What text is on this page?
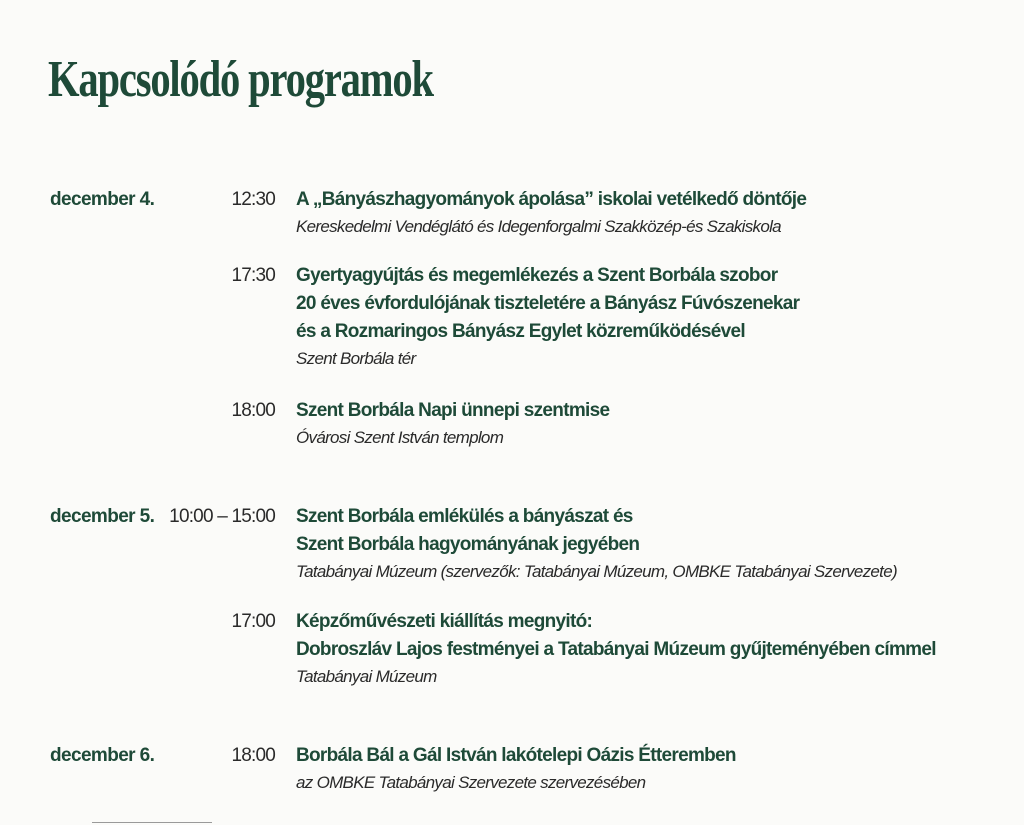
Kapcsolódó programok
december 4.	12:30 A „Bányászhagyományok ápolása” iskolai vetélkedő döntője
Kereskedelmi Vendéglátó és Idegenforgalmi Szakközép-és Szakiskola
17:30 Gyertyagyújtás és megemlékezés a Szent Borbála szobor
20 éves évfordulójának tiszteletére a Bányász Fúvószenekar
és a Rozmaringos Bányász Egylet közreműködésével
Szent Borbála tér
18:00 Szent Borbála Napi ünnepi szentmise
Óvárosi Szent István templom
december 5. 10:00 – 15:00 Szent Borbála emlékülés a bányászat és
Szent Borbála hagyományának jegyében
Tatabányai Múzeum (szervezők: Tatabányai Múzeum, OMBKE Tatabányai Szervezete)
17:00 Képzőművészeti kiállítás megnyitó:
Dobroszláv Lajos festményei a Tatabányai Múzeum gyűjteményében címmel
Tatabányai Múzeum
december 6.	18:00 Borbála Bál a Gál István lakótelepi Oázis Étteremben
az OMBKE Tatabányai Szervezete szervezésében
